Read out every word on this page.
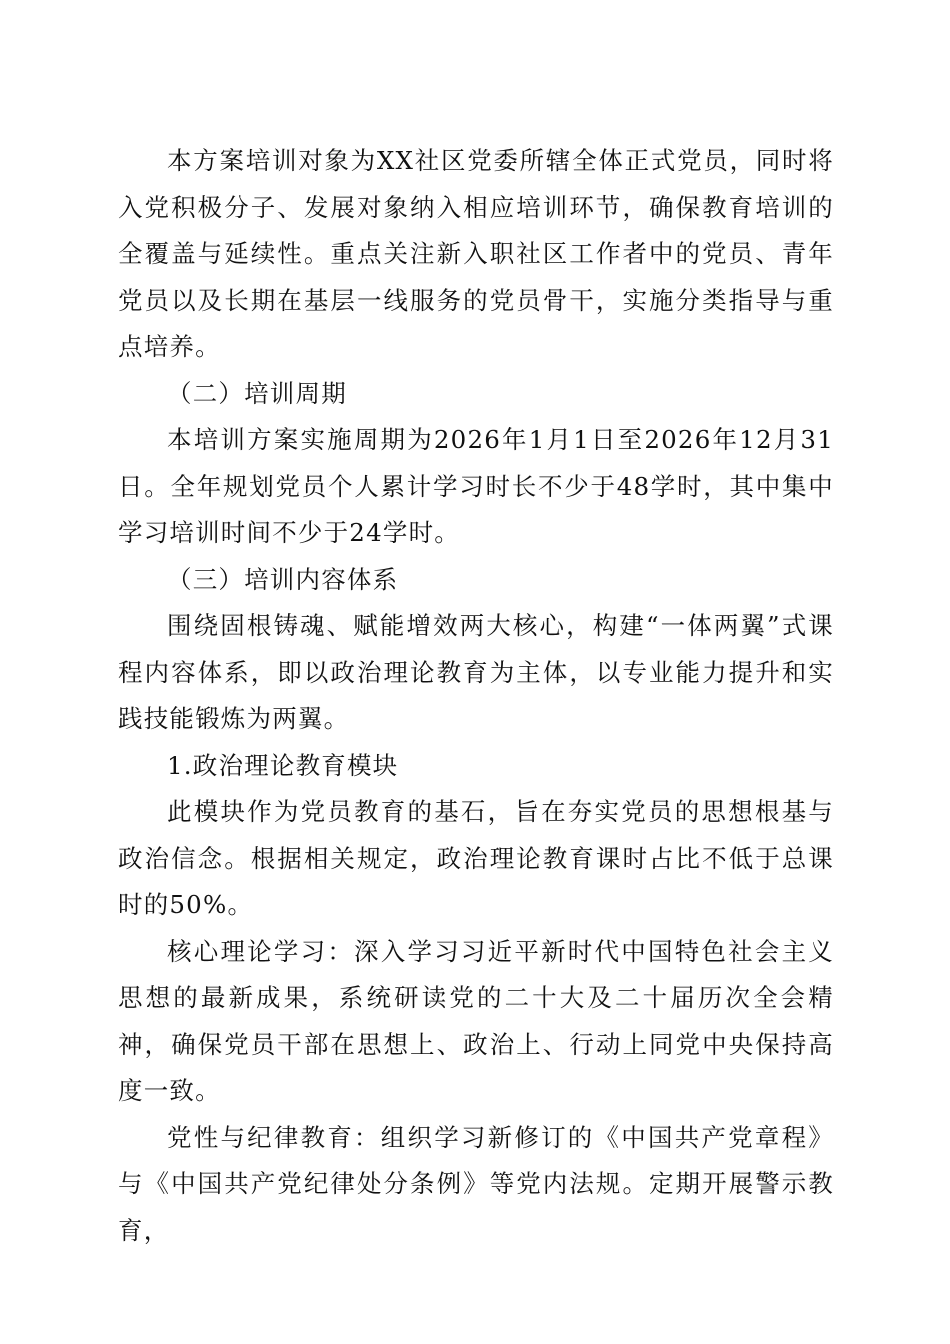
本方案培训对象为XX社区党委所辖全体正式党员，同时将入党积极分子、发展对象纳入相应培训环节，确保教育培训的全覆盖与延续性。重点关注新入职社区工作者中的党员、青年党员以及长期在基层一线服务的党员骨干，实施分类指导与重点培养。

（二）培训周期

本培训方案实施周期为2026年1月1日至2026年12月31日。全年规划党员个人累计学习时长不少于48学时，其中集中学习培训时间不少于24学时。

（三）培训内容体系

围绕固根铸魂、赋能增效两大核心，构建“一体两翼”式课程内容体系，即以政治理论教育为主体，以专业能力提升和实践技能锻炼为两翼。

1.政治理论教育模块

此模块作为党员教育的基石，旨在夯实党员的思想根基与政治信念。根据相关规定，政治理论教育课时占比不低于总课时的50%。

核心理论学习：深入学习习近平新时代中国特色社会主义思想的最新成果，系统研读党的二十大及二十届历次全会精神，确保党员干部在思想上、政治上、行动上同党中央保持高度一致。

党性与纪律教育：组织学习新修订的《中国共产党章程》与《中国共产党纪律处分条例》等党内法规。定期开展警示教育，
